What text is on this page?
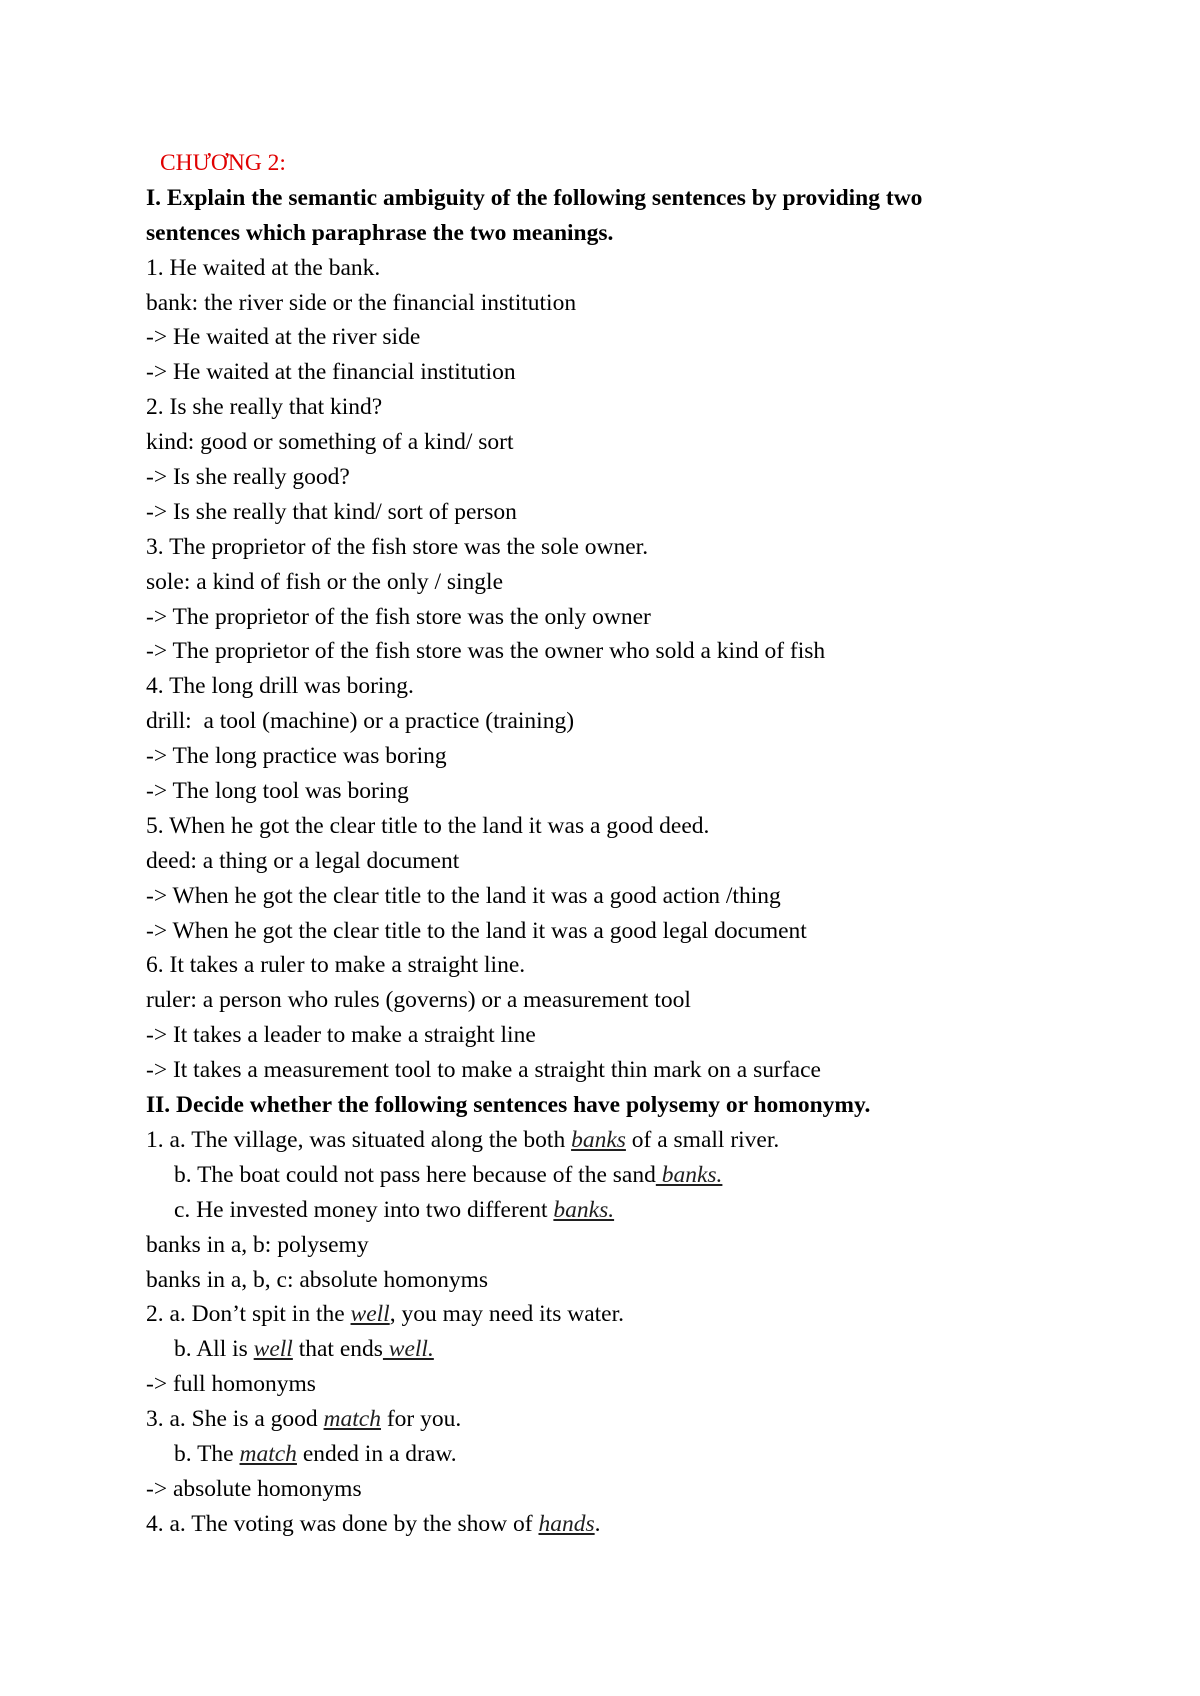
CHƯƠNG 2:
I. Explain the semantic ambiguity of the following sentences by providing two
sentences which paraphrase the two meanings.
1. He waited at the bank.
bank: the river side or the financial institution
-> He waited at the river side
-> He waited at the financial institution
2. Is she really that kind?
kind: good or something of a kind/ sort
-> Is she really good?
-> Is she really that kind/ sort of person
3. The proprietor of the fish store was the sole owner.
sole: a kind of fish or the only / single
-> The proprietor of the fish store was the only owner
-> The proprietor of the fish store was the owner who sold a kind of fish
4. The long drill was boring.
drill:  a tool (machine) or a practice (training)
-> The long practice was boring
-> The long tool was boring
5. When he got the clear title to the land it was a good deed.
deed: a thing or a legal document
-> When he got the clear title to the land it was a good action /thing
-> When he got the clear title to the land it was a good legal document
6. It takes a ruler to make a straight line.
ruler: a person who rules (governs) or a measurement tool
-> It takes a leader to make a straight line
-> It takes a measurement tool to make a straight thin mark on a surface
II. Decide whether the following sentences have polysemy or homonymy.
1. a. The village, was situated along the both banks of a small river.
b. The boat could not pass here because of the sand banks.
c. He invested money into two different banks.
banks in a, b: polysemy
banks in a, b, c: absolute homonyms
2. a. Don’t spit in the well, you may need its water.
b. All is well that ends well.
-> full homonyms
3. a. She is a good match for you.
b. The match ended in a draw.
-> absolute homonyms
4. a. The voting was done by the show of hands.
